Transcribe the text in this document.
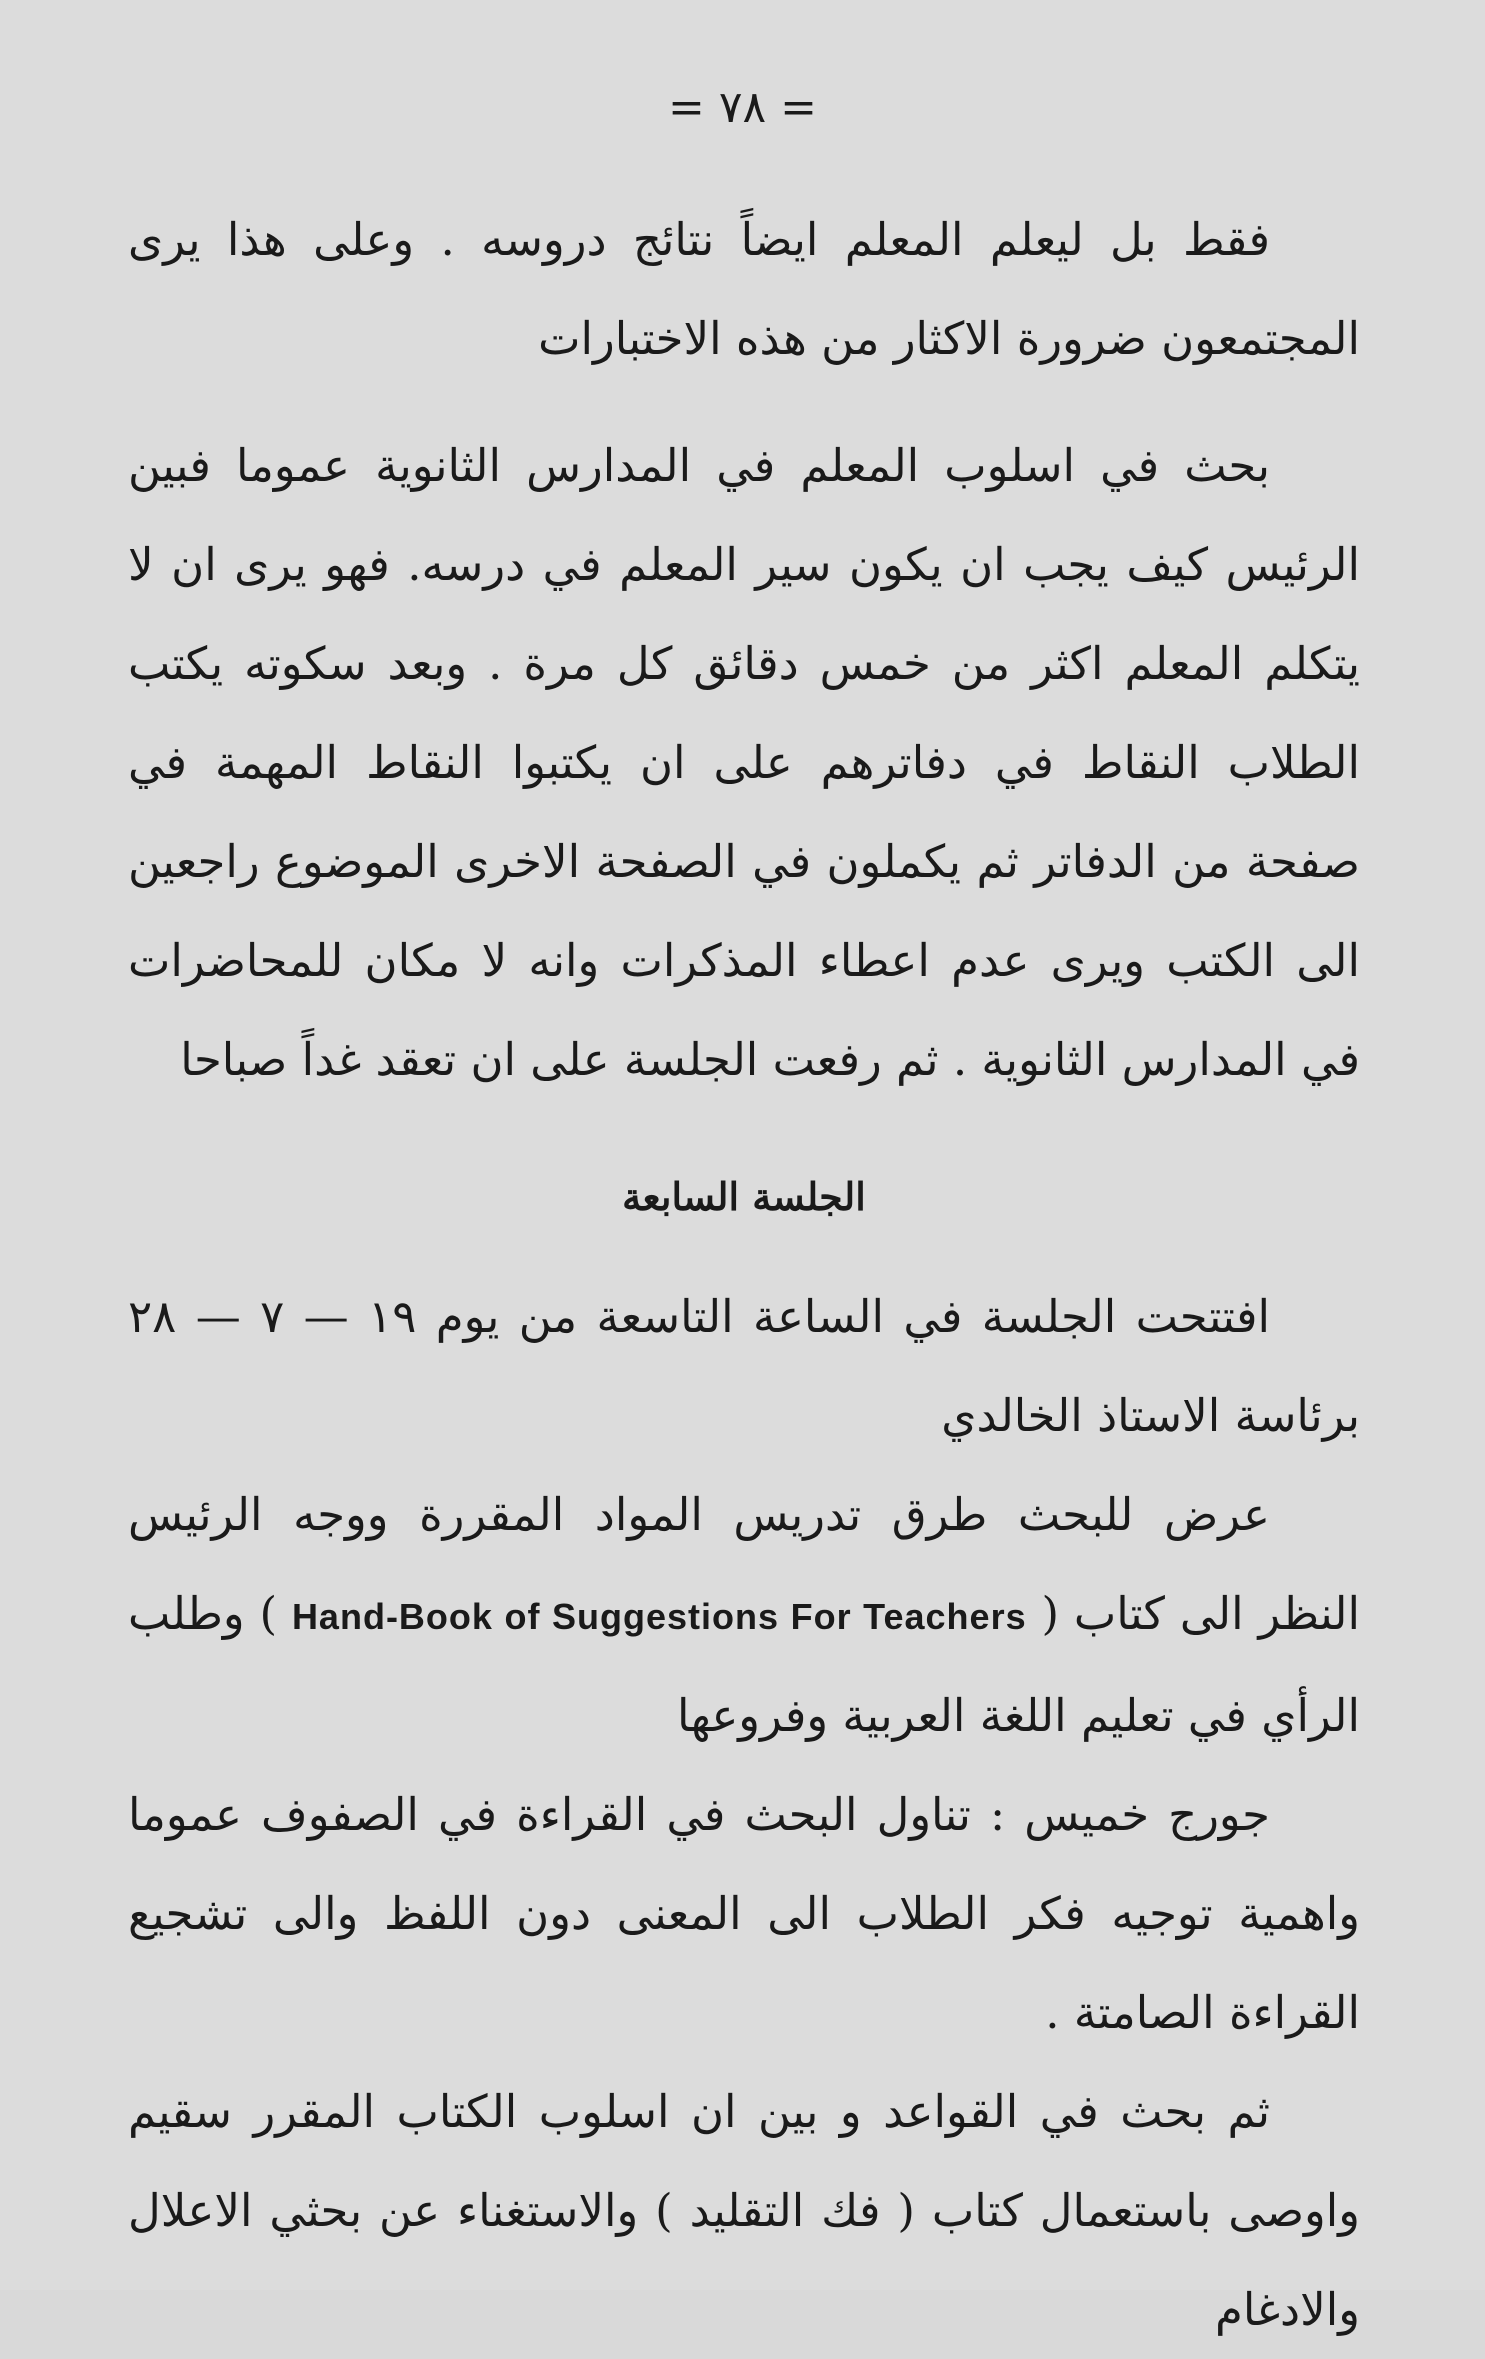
= ٧٨ =

فقط بل ليعلم المعلم ايضاً نتائج دروسه . وعلى هذا يرى المجتمعون ضرورة الاكثار من هذه الاختبارات

بحث في اسلوب المعلم في المدارس الثانوية عموما فبين الرئيس كيف يجب ان يكون سير المعلم في درسه. فهو يرى ان لا يتكلم المعلم اكثر من خمس دقائق كل مرة . وبعد سكوته يكتب الطلاب النقاط في دفاترهم على ان يكتبوا النقاط المهمة في صفحة من الدفاتر ثم يكملون في الصفحة الاخرى الموضوع راجعين الى الكتب ويرى عدم اعطاء المذكرات وانه لا مكان للمحاضرات في المدارس الثانوية . ثم رفعت الجلسة على ان تعقد غداً صباحا

الجلسة السابعة

افتتحت الجلسة في الساعة التاسعة من يوم ١٩ — ٧ — ٢٨ برئاسة الاستاذ الخالدي

عرض للبحث طرق تدريس المواد المقررة ووجه الرئيس النظر الى كتاب ( Hand-Book of Suggestions For Teachers ) وطلب الرأي في تعليم اللغة العربية وفروعها

جورج خميس : تناول البحث في القراءة في الصفوف عموما واهمية توجيه فكر الطلاب الى المعنى دون اللفظ والى تشجيع القراءة الصامتة .

ثم بحث في القواعد و بين ان اسلوب الكتاب المقرر سقيم واوصى باستعمال كتاب ( فك التقليد ) والاستغناء عن بحثي الاعلال والادغام
